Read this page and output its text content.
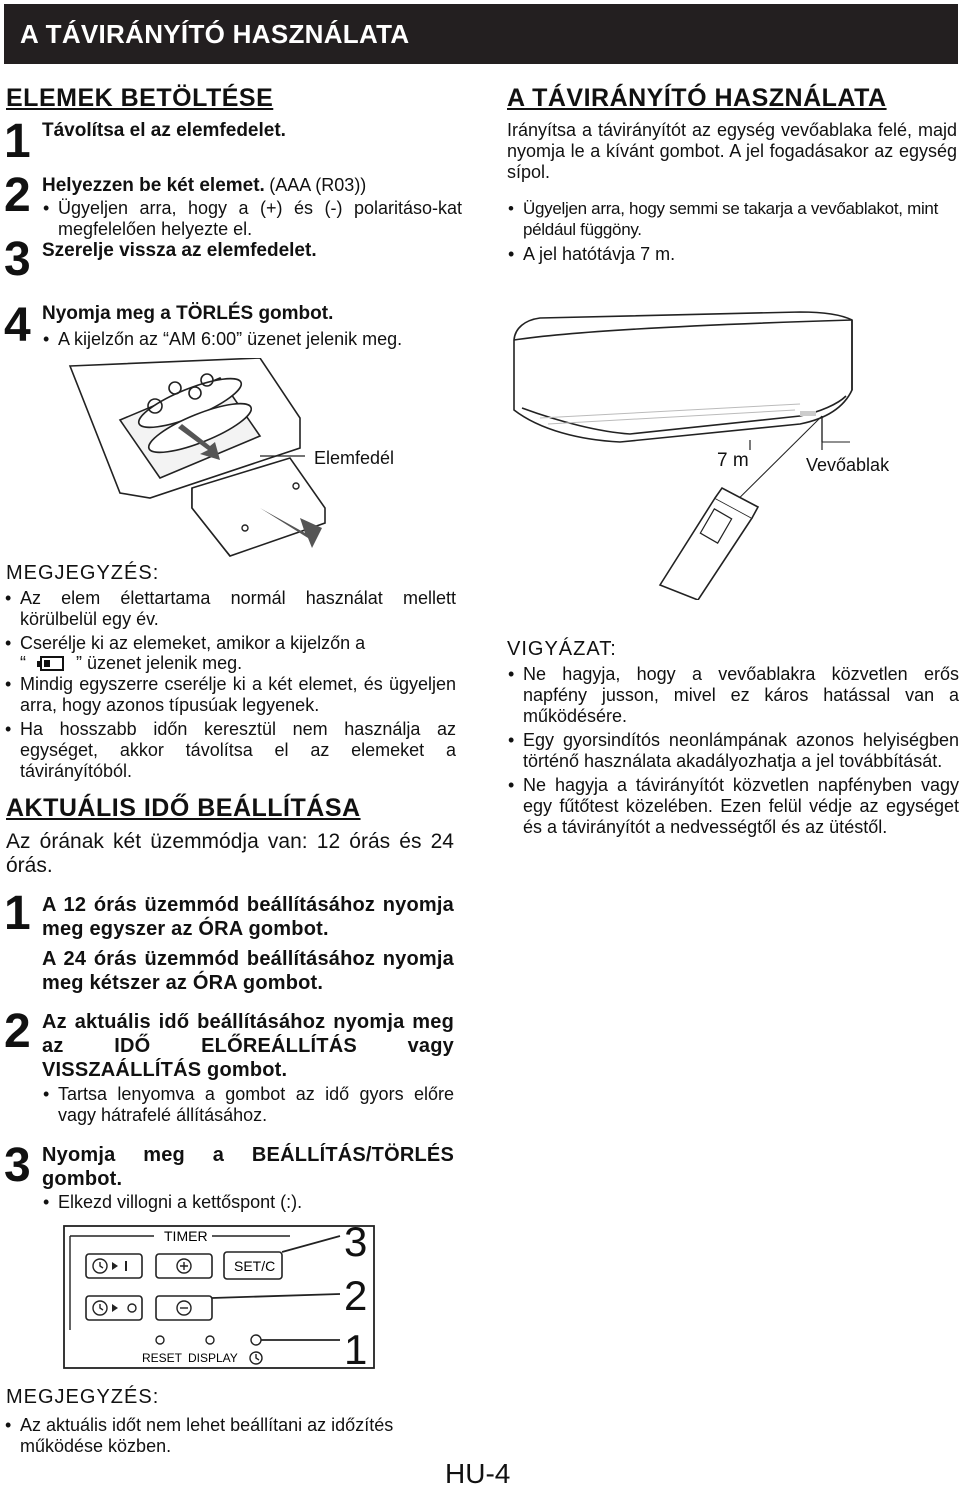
A TÁVIRÁNYÍTÓ HASZNÁLATA
ELEMEK BETÖLTÉSE
1 Távolítsa el az elemfedelet.
2 Helyezzen be két elemet. (AAA (R03))
• Ügyeljen arra, hogy a (+) és (-) polaritáso-kat megfelelően helyezte el.
3 Szerelje vissza az elemfedelet.
4 Nyomja meg a TÖRLÉS gombot.
• A kijelzőn az “AM 6:00” üzenet jelenik meg.
Elemfedél
A TÁVIRÁNYÍTÓ HASZNÁLATA
Irányítsa a távirányítót az egység vevőablaka felé, majd nyomja le a kívánt gombot. A jel fogadásakor az egység sípol.
• Ügyeljen arra, hogy semmi se takarja a vevőablakot, mint például függöny.
• A jel hatótávja 7 m.
7 m	Vevőablak
MEGJEGYZÉS:
• Az elem élettartama normál használat mellett körülbelül egy év.
• Cserélje ki az elemeket, amikor a kijelzőn a
“	” üzenet jelenik meg.
• Mindig egyszerre cserélje ki a két elemet, és ügyeljen arra, hogy azonos típusúak legyenek.
• Ha hosszabb időn keresztül nem használja az egységet, akkor távolítsa el az elemeket a távirányítóból.
VIGYÁZAT:
• Ne hagyja, hogy a vevőablakra közvetlen erős napfény jusson, mivel ez káros hatással van a működésére.
• Egy gyorsindítós neonlámpának azonos helyiségben történő használata akadályozhatja a jel továbbítását.
• Ne hagyja a távirányítót közvetlen napfényben vagy egy fűtőtest közelében. Ezen felül védje az egységet és a távirányítót a nedvességtől és az ütéstől.
AKTUÁLIS IDŐ BEÁLLÍTÁSA
Az órának két üzemmódja van: 12 órás és 24 órás.
1 A 12 órás üzemmód beállításához nyomja meg egyszer az ÓRA gombot.
A 24 órás üzemmód beállításához nyomja meg kétszer az ÓRA gombot.
2 Az aktuális idő beállításához nyomja meg az IDŐ ELŐREÁLLÍTÁS vagy VISSZAÁLLÍTÁS gombot.
• Tartsa lenyomva a gombot az idő gyors előre vagy hátrafelé állításához.
3 Nyomja meg a BEÁLLÍTÁS/TÖRLÉS gombot.
• Elkezd villogni a kettőspont (:).
TIMER
SET/C
RESET DISPLAY
3
2
1
MEGJEGYZÉS:
• Az aktuális időt nem lehet beállítani az időzítés működése közben.
HU-4
